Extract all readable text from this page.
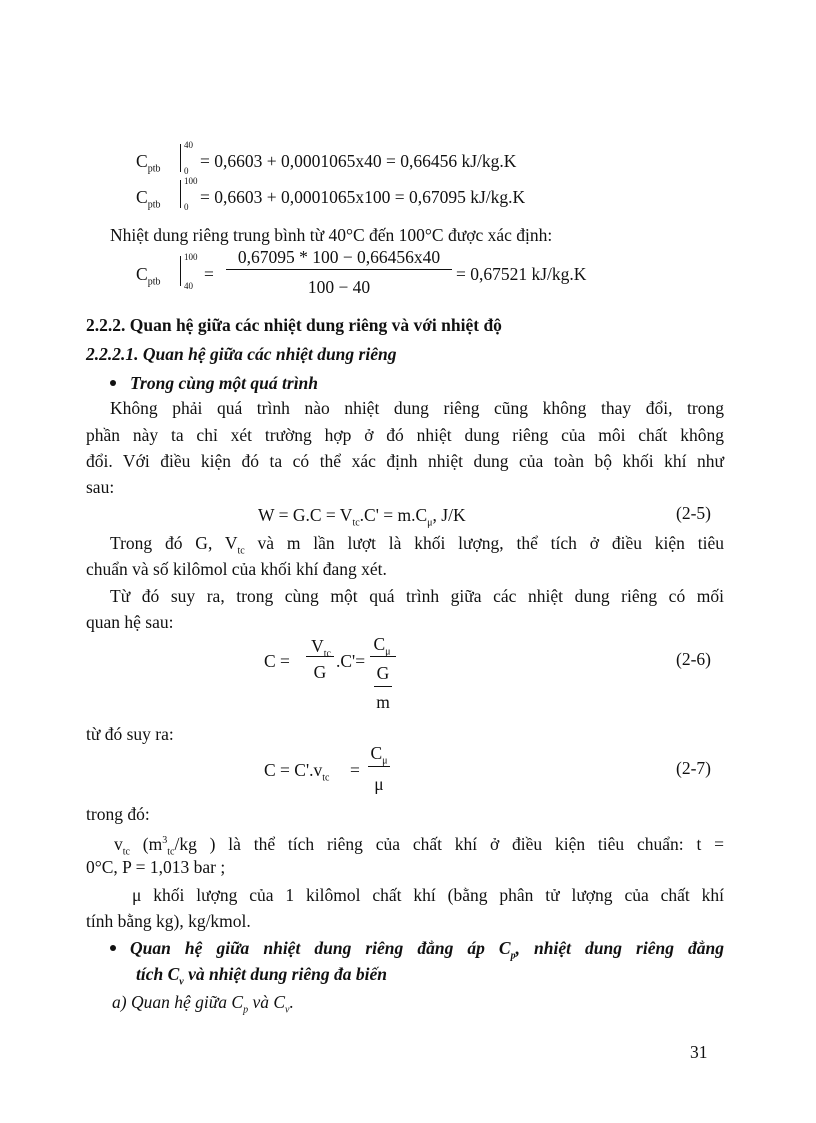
$C_{ptb}$
40
0 = 0,6603 + 0,0001065x40 = 0,66456 kJ/kg.K
$C_{ptb}$
100
0 = 0,6603 + 0,0001065x100 = 0,67095 kJ/kg.K
Nhiệt dung riêng trung bình từ 40°C đến 100°C được xác định:
$C_{ptb}$
100
40
=
0,67095 * 100 − 0,66456x40
100 − 40
= 0,67521 kJ/kg.K
2.2.2. Quan hệ giữa các nhiệt dung riêng và với nhiệt độ
2.2.2.1. Quan hệ giữa các nhiệt dung riêng
Trong cùng một quá trình
Không phải quá trình nào nhiệt dung riêng cũng không thay đổi, trong
phần này ta chỉ xét trường hợp ở đó nhiệt dung riêng của môi chất không
đổi. Với điều kiện đó ta có thể xác định nhiệt dung của toàn bộ khối khí như
sau:
$W = G.C = V_{tc}.C' = m.C_\mu$, J/K	(2-5)
Trong đó G, $V_{tc}$ và m lần lượt là khối lượng, thể tích ở điều kiện tiêu
chuẩn và số kilômol của khối khí đang xét.
Từ đó suy ra, trong cùng một quá trình giữa các nhiệt dung riêng có mối
quan hệ sau:
C =
$V_{tc}$
G
.C'=
$C_\mu$
G
m
(2-6)
từ đó suy ra:
$C = C'.v_{tc}$ =
$C_\mu$
μ
(2-7)
trong đó:
$v_{tc}$ ($m^3_{tc}/kg$ ) là thể tích riêng của chất khí ở điều kiện tiêu chuẩn: t =
0°C, P = 1,013 bar ;
μ khối lượng của 1 kilômol chất khí (bằng phân tử lượng của chất khí
tính bằng kg), kg/kmol.
Quan hệ giữa nhiệt dung riêng đẳng áp $C_p$, nhiệt dung riêng đẳng
tích $C_v$ và nhiệt dung riêng đa biến
a) Quan hệ giữa $C_p$ và $C_v$.
31
